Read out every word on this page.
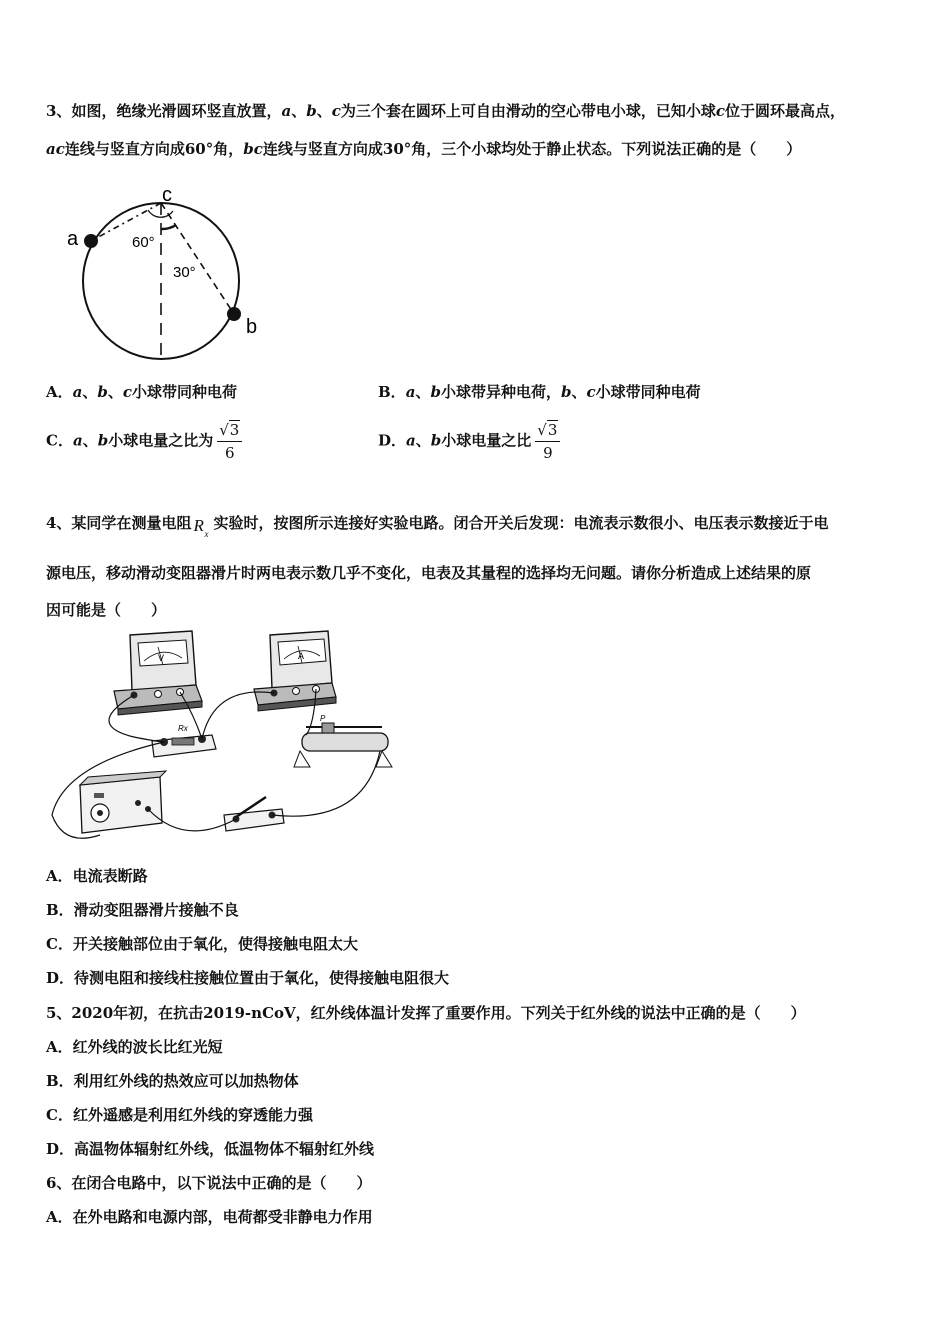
3、如图，绝缘光滑圆环竖直放置，a、b、c为三个套在圆环上可自由滑动的空心带电小球，已知小球c位于圆环最高点，
ac连线与竖直方向成60°角，bc连线与竖直方向成30°角，三个小球均处于静止状态。下列说法正确的是（　　）
c
a
b
60°
30°
A．a、b、c小球带同种电荷	B．a、b小球带异种电荷，b、c小球带同种电荷
C．a、b小球电量之比为 $\frac{√3}{6}$	D．a、b小球电量之比 $\frac{√3}{9}$
4、某同学在测量电阻 R x
实验时，按图所示连接好实验电路。闭合开关后发现：电流表示数很小、电压表示数接近于电
源电压，移动滑动变阻器滑片时两电表示数几乎不变化，电表及其量程的选择均无问题。请你分析造成上述结果的原
因可能是（　　）
V	A
Rx
P
A．电流表断路
B．滑动变阻器滑片接触不良
C．开关接触部位由于氧化，使得接触电阻太大
D．待测电阻和接线柱接触位置由于氧化，使得接触电阻很大
5、2020年初，在抗击2019-nCoV，红外线体温计发挥了重要作用。下列关于红外线的说法中正确的是（　　）
A．红外线的波长比红光短
B．利用红外线的热效应可以加热物体
C．红外遥感是利用红外线的穿透能力强
D．高温物体辐射红外线，低温物体不辐射红外线
6、在闭合电路中，以下说法中正确的是（　　）
A．在外电路和电源内部，电荷都受非静电力作用
